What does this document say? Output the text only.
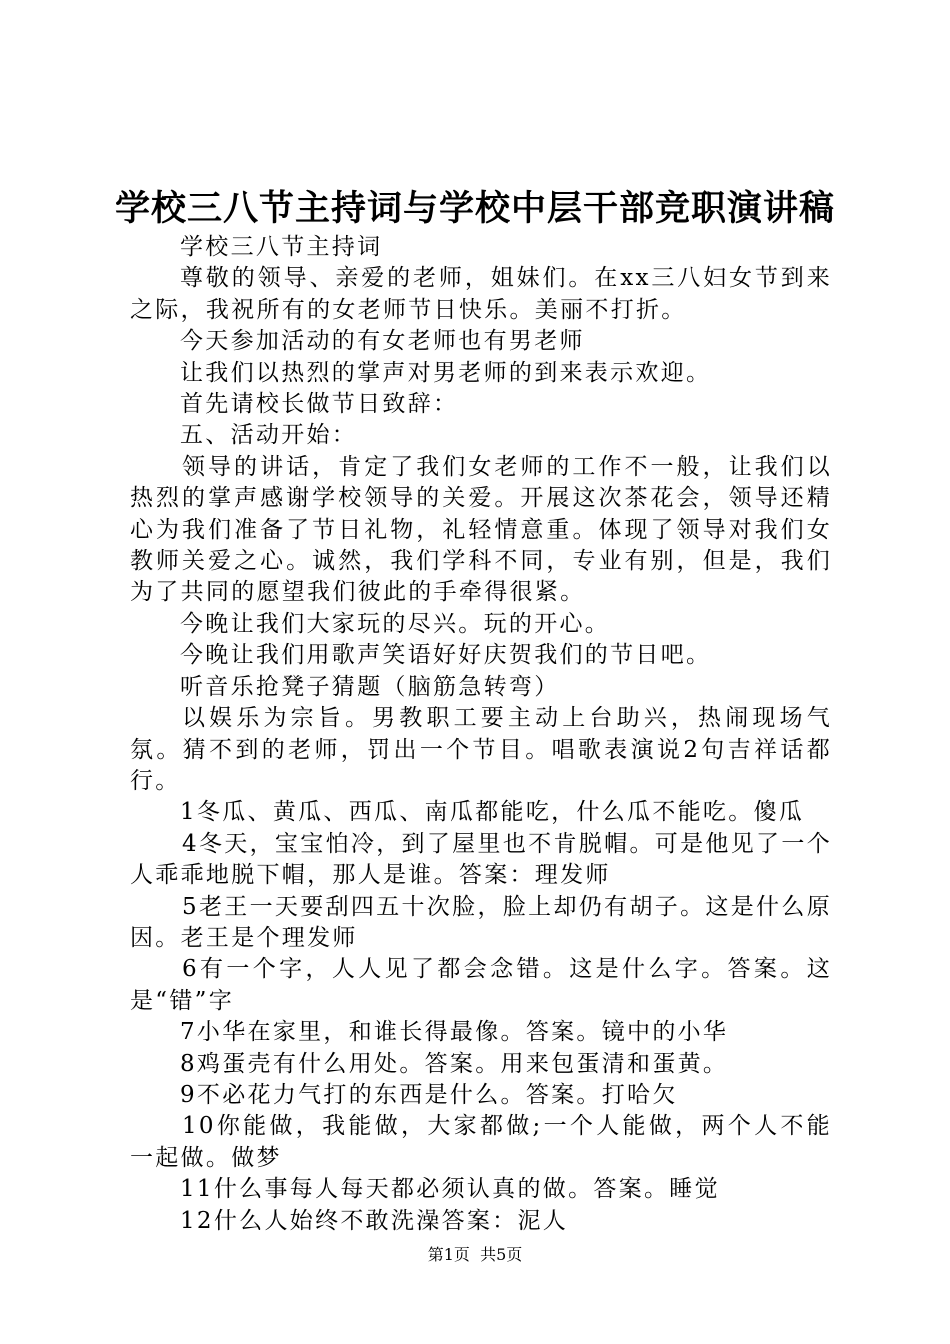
学校三八节主持词与学校中层干部竞职演讲稿

学校三八节主持词

尊敬的领导、亲爱的老师，姐妹们。在xx三八妇女节到来之际，我祝所有的女老师节日快乐。美丽不打折。

今天参加活动的有女老师也有男老师

让我们以热烈的掌声对男老师的到来表示欢迎。

首先请校长做节日致辞：

五、活动开始：

领导的讲话，肯定了我们女老师的工作不一般，让我们以热烈的掌声感谢学校领导的关爱。开展这次茶花会，领导还精心为我们准备了节日礼物，礼轻情意重。体现了领导对我们女教师关爱之心。诚然，我们学科不同，专业有别，但是，我们为了共同的愿望我们彼此的手牵得很紧。

今晚让我们大家玩的尽兴。玩的开心。

今晚让我们用歌声笑语好好庆贺我们的节日吧。

听音乐抢凳子猜题（脑筋急转弯）

以娱乐为宗旨。男教职工要主动上台助兴，热闹现场气氛。猜不到的老师，罚出一个节目。唱歌表演说2句吉祥话都行。

1冬瓜、黄瓜、西瓜、南瓜都能吃，什么瓜不能吃。傻瓜

4冬天，宝宝怕冷，到了屋里也不肯脱帽。可是他见了一个人乖乖地脱下帽，那人是谁。答案：理发师

5老王一天要刮四五十次脸，脸上却仍有胡子。这是什么原因。老王是个理发师

6有一个字，人人见了都会念错。这是什么字。答案。这是“错”字

7小华在家里，和谁长得最像。答案。镜中的小华

8鸡蛋壳有什么用处。答案。用来包蛋清和蛋黄。

9不必花力气打的东西是什么。答案。打哈欠

10你能做，我能做，大家都做;一个人能做，两个人不能一起做。做梦

11什么事每人每天都必须认真的做。答案。睡觉

12什么人始终不敢洗澡答案：泥人

第1页  共5页
